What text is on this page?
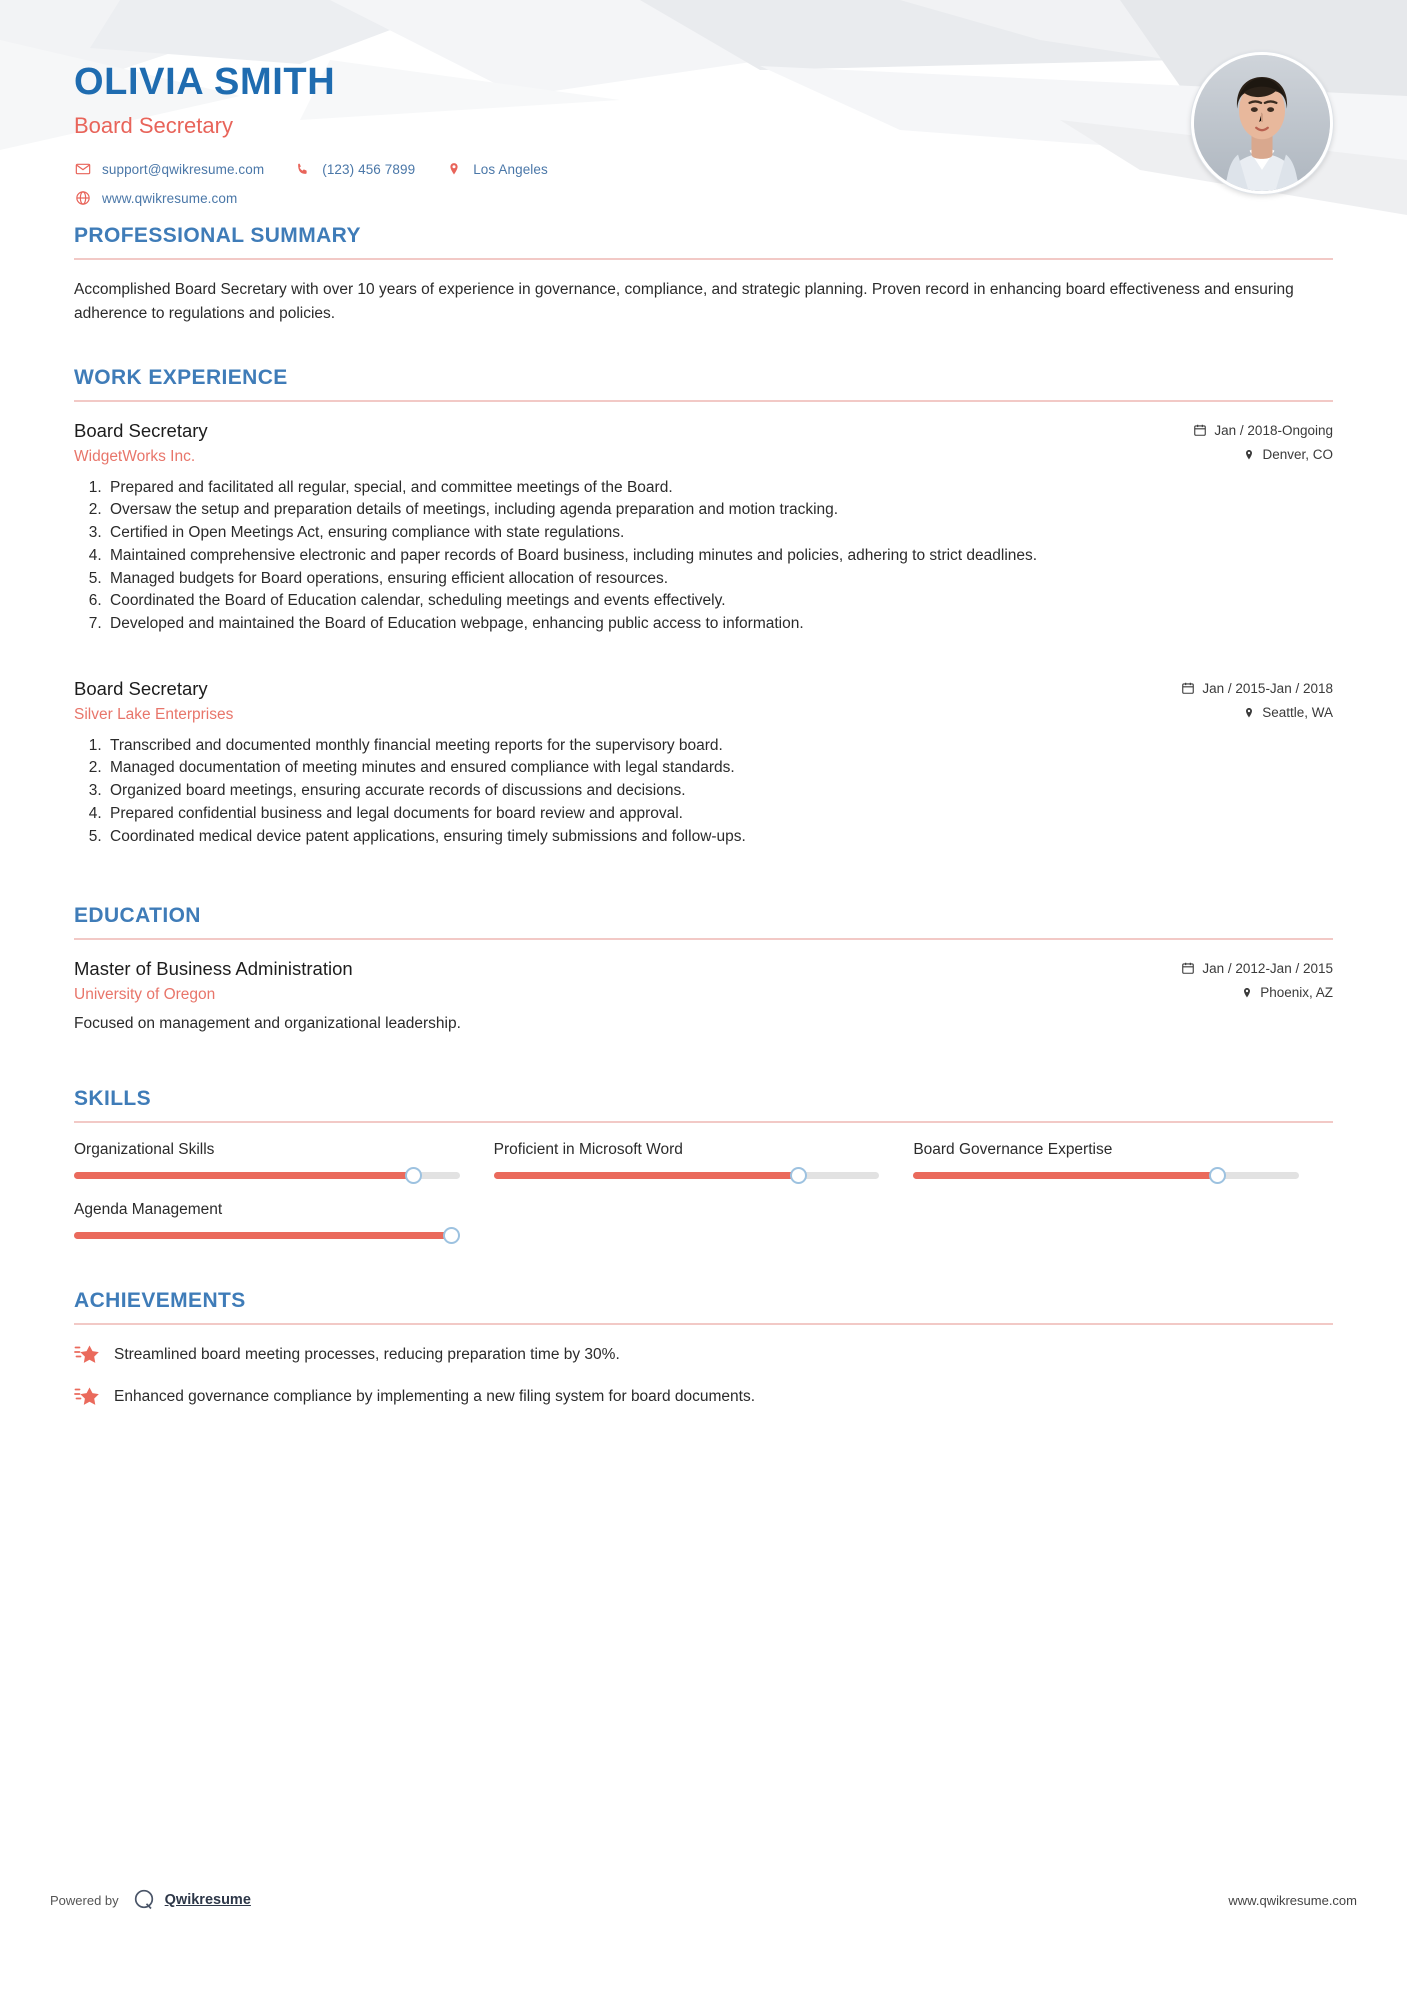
OLIVIA SMITH
Board Secretary
support@qwikresume.com	(123) 456 7899	Los Angeles
www.qwikresume.com
PROFESSIONAL SUMMARY
Accomplished Board Secretary with over 10 years of experience in governance, compliance, and strategic planning. Proven record in enhancing board effectiveness and ensuring adherence to regulations and policies.
WORK EXPERIENCE
Board Secretary	Jan / 2018-Ongoing
WidgetWorks Inc.	Denver, CO
1. Prepared and facilitated all regular, special, and committee meetings of the Board.
2. Oversaw the setup and preparation details of meetings, including agenda preparation and motion tracking.
3. Certified in Open Meetings Act, ensuring compliance with state regulations.
4. Maintained comprehensive electronic and paper records of Board business, including minutes and policies, adhering to strict deadlines.
5. Managed budgets for Board operations, ensuring efficient allocation of resources.
6. Coordinated the Board of Education calendar, scheduling meetings and events effectively.
7. Developed and maintained the Board of Education webpage, enhancing public access to information.
Board Secretary	Jan / 2015-Jan / 2018
Silver Lake Enterprises	Seattle, WA
1. Transcribed and documented monthly financial meeting reports for the supervisory board.
2. Managed documentation of meeting minutes and ensured compliance with legal standards.
3. Organized board meetings, ensuring accurate records of discussions and decisions.
4. Prepared confidential business and legal documents for board review and approval.
5. Coordinated medical device patent applications, ensuring timely submissions and follow-ups.
EDUCATION
Master of Business Administration	Jan / 2012-Jan / 2015
University of Oregon	Phoenix, AZ
Focused on management and organizational leadership.
SKILLS
Organizational Skills	Proficient in Microsoft Word	Board Governance Expertise
Agenda Management
ACHIEVEMENTS
Streamlined board meeting processes, reducing preparation time by 30%.
Enhanced governance compliance by implementing a new filing system for board documents.
Powered by	Qwikresume	www.qwikresume.com
